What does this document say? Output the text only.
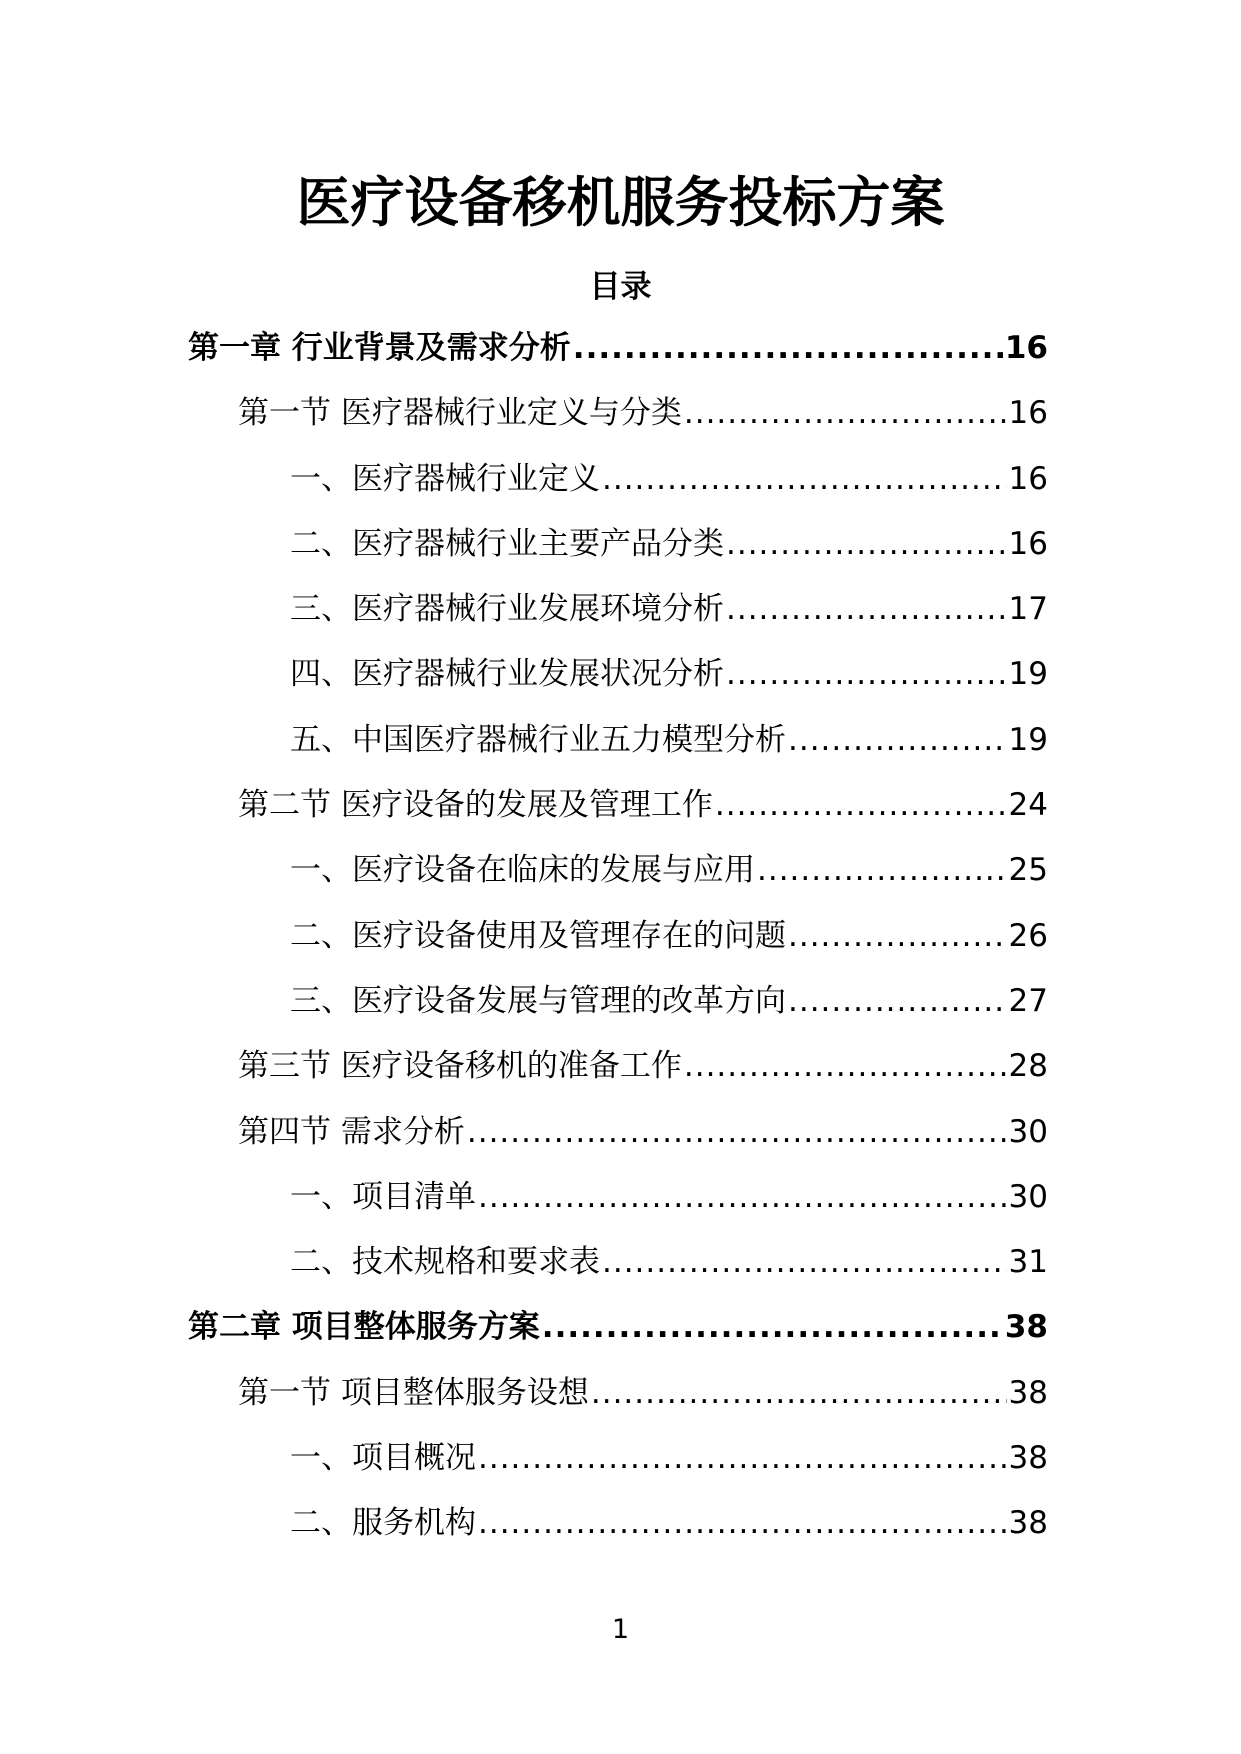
医疗设备移机服务投标方案
目录
第一章 行业背景及需求分析 .....	16
第一节 医疗器械行业定义与分类 .....	16
一、医疗器械行业定义 .....	16
二、医疗器械行业主要产品分类 .....	16
三、医疗器械行业发展环境分析 .....	17
四、医疗器械行业发展状况分析 .....	19
五、中国医疗器械行业五力模型分析 .....	19
第二节 医疗设备的发展及管理工作 .....	24
一、医疗设备在临床的发展与应用 .....	25
二、医疗设备使用及管理存在的问题 .....	26
三、医疗设备发展与管理的改革方向 .....	27
第三节 医疗设备移机的准备工作 .....	28
第四节 需求分析 .....	30
一、项目清单 .....	30
二、技术规格和要求表 .....	31
第二章 项目整体服务方案 .....	38
第一节 项目整体服务设想 .....	38
一、项目概况 .....	38
二、服务机构 .....	38
1
